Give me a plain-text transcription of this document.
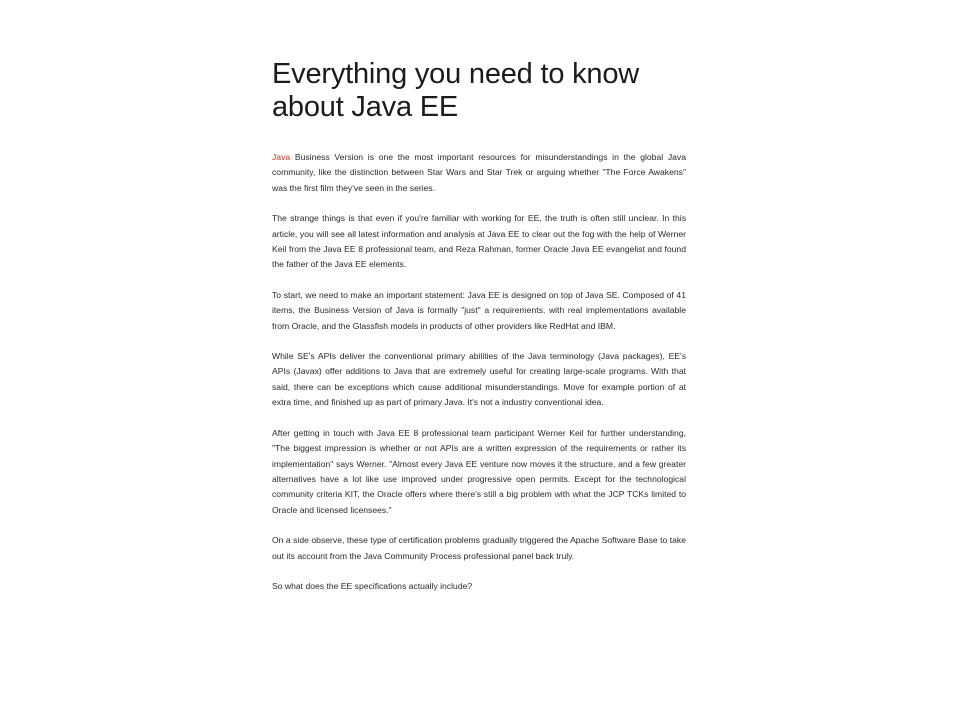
Everything you need to know about Java EE

Java Business Version is one the most important resources for misunderstandings in the global Java community, like the distinction between Star Wars and Star Trek or arguing whether "The Force Awakens" was the first film they've seen in the series.

The strange things is that even if you're familiar with working for EE, the truth is often still unclear. In this article, you will see all latest information and analysis at Java EE to clear out the fog with the help of Werner Keil from the Java EE 8 professional team, and Reza Rahman, former Oracle Java EE evangelist and found the father of the Java EE elements.

To start, we need to make an important statement: Java EE is designed on top of Java SE. Composed of 41 items, the Business Version of Java is formally "just" a requirements, with real implementations available from Oracle, and the Glassfish models in products of other providers like RedHat and IBM.

While SE's APIs deliver the conventional primary abilities of the Java terminology (Java packages), EE's APIs (Javax) offer additions to Java that are extremely useful for creating large-scale programs. With that said, there can be exceptions which cause additional misunderstandings. Move for example portion of at extra time, and finished up as part of primary Java. It's not a industry conventional idea.

After getting in touch with Java EE 8 professional team participant Werner Keil for further understanding, "The biggest impression is whether or not APIs are a written expression of the requirements or rather its implementation" says Werner. "Almost every Java EE venture now moves it the structure, and a few greater alternatives have a lot like use improved under progressive open permits. Except for the technological community criteria KIT, the Oracle offers where there's still a big problem with what the JCP TCKs limited to Oracle and licensed licensees."

On a side observe, these type of certification problems gradually triggered the Apache Software Base to take out its account from the Java Community Process professional panel back truly.

So what does the EE specifications actually include?
